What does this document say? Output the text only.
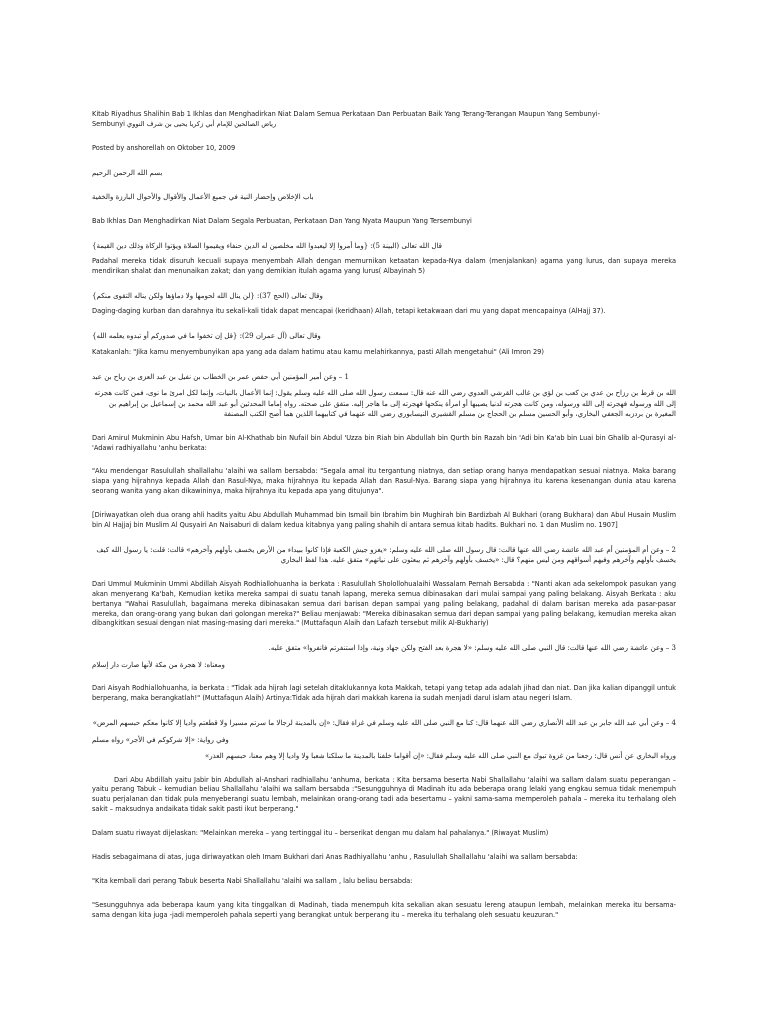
Kitab Riyadhus Shalihin Bab 1 Ikhlas dan Menghadirkan Niat Dalam Semua Perkataan Dan Perbuatan Baik Yang Terang-Terangan Maupun Yang Sembunyi-
Sembunyi رياض الصالحين للإمام أبي زكريا يحيى بن شرف النووي
Posted by anshorellah on Oktober 10, 2009
بسم الله الرحمن الرحيم
باب الإخلاص وإحضار النية في جميع الأعمال والأقوال والأحوال البارزة والخفية
Bab Ikhlas Dan Menghadirkan Niat Dalam Segala Perbuatan, Perkataan Dan Yang Nyata Maupun Yang Tersembunyi
قال الله تعالى (البينة 5): {وما أمروا إلا ليعبدوا الله مخلصين له الدين حنفاء ويقيموا الصلاة ويؤتوا الزكاة وذلك دين القيمة}
Padahal mereka tidak disuruh kecuali supaya menyembah Allah dengan memurnikan ketaatan kepada-Nya dalam (menjalankan) agama yang lurus, dan supaya mereka mendirikan shalat dan menunaikan zakat; dan yang demikian itulah agama yang lurus( Albayinah 5)
وقال تعالى (الحج 37): {لن ينال الله لحومها ولا دماؤها ولكن يناله التقوى منكم}
Daging-daging kurban dan darahnya itu sekali-kali tidak dapat mencapai (keridhaan) Allah, tetapi ketakwaan dari mu yang dapat mencapainya (AlHajj 37).
وقال تعالى (آل عمران 29): {قل إن تخفوا ما في صدوركم أو تبدوه يعلمه الله}
Katakanlah: "Jika kamu menyembunyikan apa yang ada dalam hatimu atau kamu melahirkannya, pasti Allah mengetahui" (Ali Imron 29)
1 – وعن أمير المؤمنين أبي حفص عمر بن الخطاب بن نفيل بن عبد العزى بن رياح بن عبد
الله بن قرط بن رزاح بن عدي بن كعب بن لؤي بن غالب القرشي العدوي رضي الله عنه قال: سمعت رسول الله صلى الله عليه وسلم يقول: إنما الأعمال بالنيات، وإنما لكل امرئ ما نوى، فمن كانت هجرته إلى الله ورسوله فهجرته إلى الله ورسوله، ومن كانت هجرته لدنيا يصيبها أو امرأة ينكحها فهجرته إلى ما هاجر إليه. متفق على صحته. رواه إماما المحدثين أبو عبد الله محمد بن إسماعيل بن إبراهيم بن المغيرة بن بردزبه الجعفي البخاري، وأبو الحسين مسلم بن الحجاج بن مسلم القشيري النيسابوري رضي الله عنهما في كتابيهما اللذين هما أصح الكتب المصنفة
Dari Amirul Mukminin Abu Hafsh, Umar bin Al-Khathab bin Nufail bin Abdul 'Uzza bin Riah bin Abdullah bin Qurth bin Razah bin 'Adi bin Ka'ab bin Luai bin Ghalib al-Qurasyi al-'Adawi radhiyallahu 'anhu berkata:
"Aku mendengar Rasulullah shallallahu 'alaihi wa sallam bersabda: "Segala amal itu tergantung niatnya, dan setiap orang hanya mendapatkan sesuai niatnya. Maka barang siapa yang hijrahnya kepada Allah dan Rasul-Nya, maka hijrahnya itu kepada Allah dan Rasul-Nya. Barang siapa yang hijrahnya itu karena kesenangan dunia atau karena seorang wanita yang akan dikawininya, maka hijrahnya itu kepada apa yang ditujunya".
[Diriwayatkan oleh dua orang ahli hadits yaitu Abu Abdullah Muhammad bin Ismail bin Ibrahim bin Mughirah bin Bardizbah Al Bukhari (orang Bukhara) dan Abul Husain Muslim bin Al Hajjaj bin Muslim Al Qusyairi An Naisaburi di dalam kedua kitabnya yang paling shahih di antara semua kitab hadits. Bukhari no. 1 dan Muslim no. 1907]
2 – وعن أم المؤمنين أم عبد الله عائشة رضي الله عنها قالت: قال رسول الله صلى الله عليه وسلم: «يغزو جيش الكعبة فإذا كانوا ببيداء من الأرض يخسف بأولهم وآخرهم» قالت: قلت: يا رسول الله كيف يخسف بأولهم وآخرهم وفيهم أسواقهم ومن ليس منهم؟ قال: «يخسف بأولهم وآخرهم ثم يبعثون على نياتهم» متفق عليه. هذا لفظ البخاري
Dari Ummul Mukminin Ummi Abdillah Aisyah Rodhiallohuanha ia berkata : Rasulullah Sholollohualaihi Wassalam Pernah Bersabda : "Nanti akan ada sekelompok pasukan yang akan menyerang Ka'bah, Kemudian ketika mereka sampai di suatu tanah lapang, mereka semua dibinasakan dari mulai sampai yang paling belakang. Aisyah Berkata : aku bertanya "Wahai Rasulullah, bagaimana mereka dibinasakan semua dari barisan depan sampai yang paling belakang, padahal di dalam barisan mereka ada pasar-pasar mereka, dan orang-orang yang bukan dari golongan mereka?" Beliau menjawab: "Mereka dibinasakan semua dari depan sampai yang paling belakang, kemudian mereka akan dibangkitkan sesuai dengan niat masing-masing dari mereka." (Muttafaqun Alaih dan Lafazh tersebut milik Al-Bukhariy)
3 – وعن عائشة رضي الله عنها قالت: قال النبي صلى الله عليه وسلم: «لا هجرة بعد الفتح ولكن جهاد ونية، وإذا استنفرتم فانفروا» متفق عليه.
ومعناه: لا هجرة من مكة لأنها صارت دار إسلام
Dari Aisyah Rodhiallohuanha, ia berkata : "Tidak ada hijrah lagi setelah ditaklukannya kota Makkah, tetapi yang tetap ada adalah jihad dan niat. Dan jika kalian dipanggil untuk berperang, maka berangkatlah!" (Muttafaqun Alaih) Artinya:Tidak ada hijrah dari makkah karena ia sudah menjadi darul islam atau negeri Islam.
4 – وعن أبي عبد الله جابر بن عبد الله الأنصاري رضي الله عنهما قال: كنا مع النبي صلى الله عليه وسلم في غزاة فقال: «إن بالمدينة لرجالا ما سرتم مسيرا ولا قطعتم واديا إلا كانوا معكم حبسهم المرض»
وفي رواية: «إلا شركوكم في الأجر» رواه مسلم
ورواه البخاري عن أنس قال: رجعنا من غزوة تبوك مع النبي صلى الله عليه وسلم فقال: «إن أقواما خلفنا بالمدينة ما سلكنا شعبا ولا واديا إلا وهم معنا، حبسهم العذر»
Dari Abu Abdillah yaitu Jabir bin Abdullah al-Anshari radhiallahu 'anhuma, berkata : Kita bersama beserta Nabi Shallallahu 'alaihi wa sallam dalam suatu peperangan – yaitu perang Tabuk – kemudian beliau Shallallahu 'alaihi wa sallam bersabda :"Sesungguhnya di Madinah itu ada beberapa orang lelaki yang engkau semua tidak menempuh suatu perjalanan dan tidak pula menyeberangi suatu lembah, melainkan orang-orang tadi ada besertamu – yakni sama-sama memperoleh pahala – mereka itu terhalang oleh sakit – maksudnya andaikata tidak sakit pasti ikut berperang."
Dalam suatu riwayat dijelaskan: "Melainkan mereka – yang tertinggal itu – berserikat dengan mu dalam hal pahalanya." (Riwayat Muslim)
Hadis sebagaimana di atas, juga diriwayatkan oleh Imam Bukhari dari Anas Radhiyallahu 'anhu , Rasulullah Shallallahu 'alaihi wa sallam bersabda:
"Kita kembali dari perang Tabuk beserta Nabi Shallallahu 'alaihi wa sallam , lalu beliau bersabda:
"Sesungguhnya ada beberapa kaum yang kita tinggalkan di Madinah, tiada menempuh kita sekalian akan sesuatu lereng ataupun lembah, melainkan mereka itu bersama-sama dengan kita juga -jadi memperoleh pahala seperti yang berangkat untuk berperang itu – mereka itu terhalang oleh sesuatu keuzuran."
